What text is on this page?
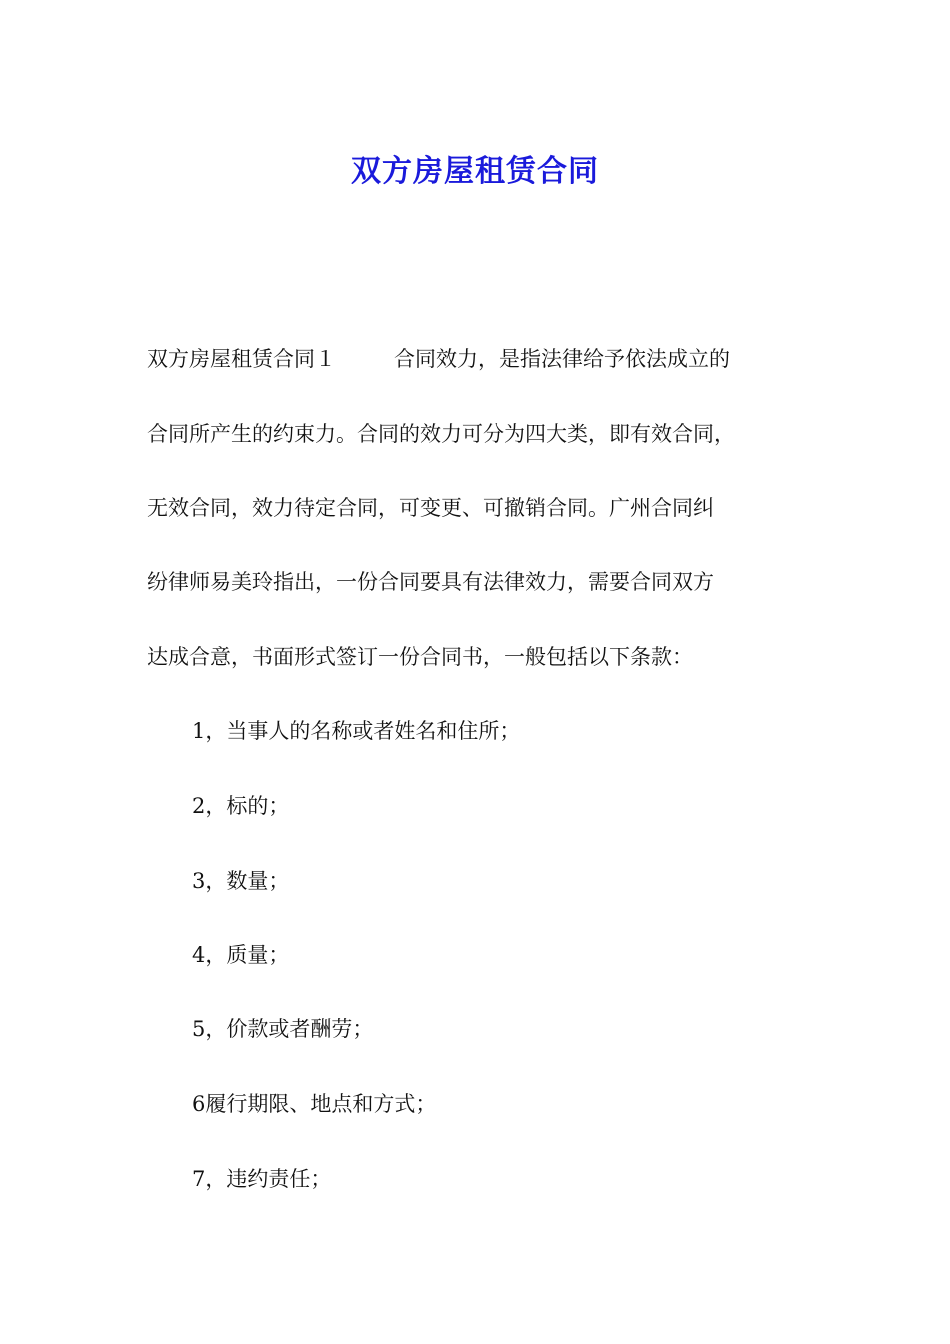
双方房屋租赁合同
双方房屋租赁合同１	合同效力，是指法律给予依法成立的
合同所产生的约束力。合同的效力可分为四大类，即有效合同，
无效合同，效力待定合同，可变更、可撤销合同。广州合同纠
纷律师易美玲指出，一份合同要具有法律效力，需要合同双方
达成合意，书面形式签订一份合同书，一般包括以下条款：
1，当事人的名称或者姓名和住所；
2，标的；
3，数量；
4，质量；
5，价款或者酬劳；
6履行期限、地点和方式；
7，违约责任；
